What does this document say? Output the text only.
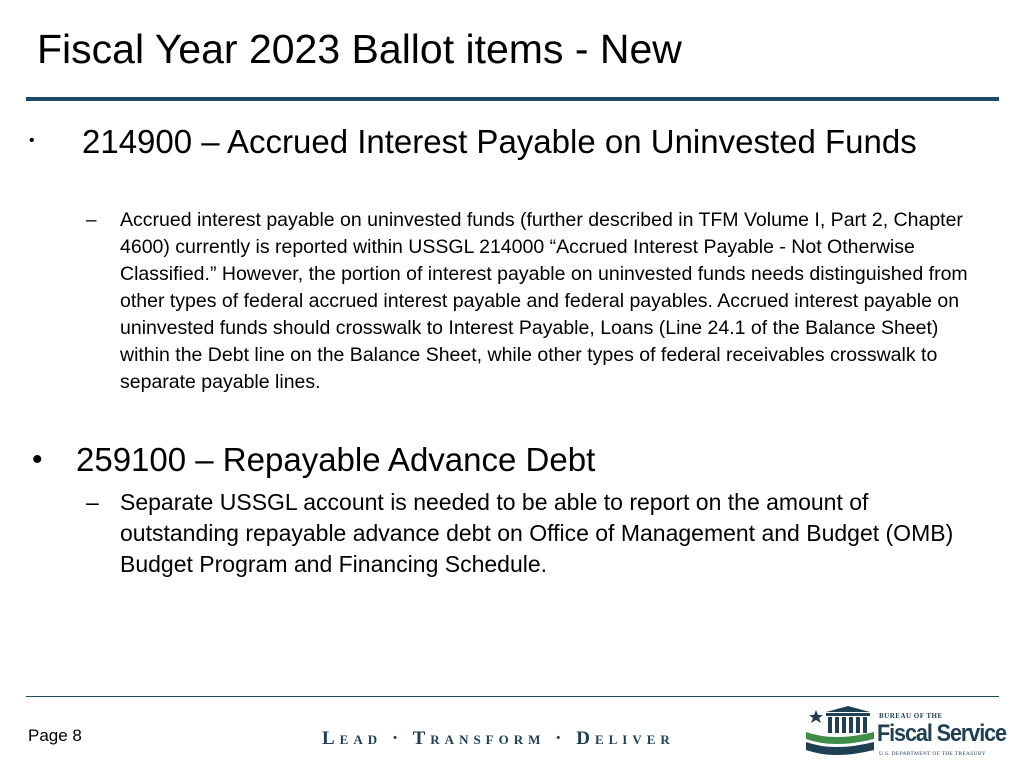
Fiscal Year 2023 Ballot items - New
• 214900 – Accrued Interest Payable on Uninvested Funds
– Accrued interest payable on uninvested funds (further described in TFM Volume I, Part 2, Chapter 4600) currently is reported within USSGL 214000 “Accrued Interest Payable - Not Otherwise Classified.” However, the portion of interest payable on uninvested funds needs distinguished from other types of federal accrued interest payable and federal payables. Accrued interest payable on uninvested funds should crosswalk to Interest Payable, Loans (Line 24.1 of the Balance Sheet) within the Debt line on the Balance Sheet, while other types of federal receivables crosswalk to separate payable lines.
• 259100 – Repayable Advance Debt
– Separate USSGL account is needed to be able to report on the amount of outstanding repayable advance debt on Office of Management and Budget (OMB) Budget Program and Financing Schedule.
Page 8	Lead · Transform · Deliver
BUREAU OF THE
Fiscal Service
U.S. DEPARTMENT OF THE TREASURY
